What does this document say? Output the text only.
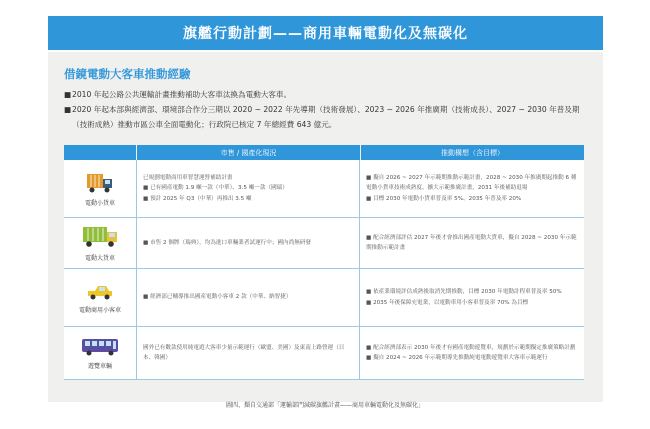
旗艦行動計劃——商用車輛電動化及無碳化
借鏡電動大客車推動經驗
■ 2010 年起公路公共運輸計畫推動補助大客車汰換為電動大客車。
■ 2020 年起本部與經濟部、環境部合作分三期以 2020 ~ 2022 年先導期（技術發展）、2023 ~ 2026 年推廣期（技術成長）、2027 ~ 2030 年普及期（技術成熟）推動市區公車全面電動化；行政院已核定 7 年總經費 643 億元。
市售 / 國產化現況	推動構想（含目標）
電動小貨車
已規劃電動商用車智慧運營補助計畫
■ 已有國產電動 1.9 噸一款（中華）、3.5 噸一款（國瑞）
■ 預計 2025 年 Q3（中華）再推出 3.5 噸
■ 擬自 2026 ~ 2027 年示範期推動示範計畫，2028 ~ 2030 年推廣期起推動 6 種電動小貨車技術成熟度、擴大示範推廣計畫，2031 年後補助退場
■ 目標 2030 年電動小貨車普及率 5%、2035 年普及率 20%
電動大貨車
■ 市售 2 個牌（瑞典），均為進口車輛業者試運行中；國內尚無研發
■ 配合經濟部評估 2027 年後才會推出國產電動大貨車，擬自 2028 ~ 2030 年示範期推動示範計畫
電動商用小客車
■ 經濟部已輔導推出國產電動小客車 2 款（中華、納智捷）
■ 依產業環境評估成熟後取消先期推動，目標 2030 年電動計程車普及率 50%
■ 2035 年後保障充電業，以電動車用小客車普及率 70% 為目標
遊覽車輛
國外已有數款使用純電遊大客車少量示範運行（歐盟、美國）及東南上路營運（日本、韓國）
■ 配合經濟部表示 2030 年後才有國產電動遊覽車，規劃於示範期擬定推廣策略計劃
■ 擬自 2024 ~ 2026 年示範期導先推動純電電動遊覽車大客車示範運行
圖四、擷自交通部「運輸部門減碳旗艦計畫——商用車輛電動化及無碳化」
